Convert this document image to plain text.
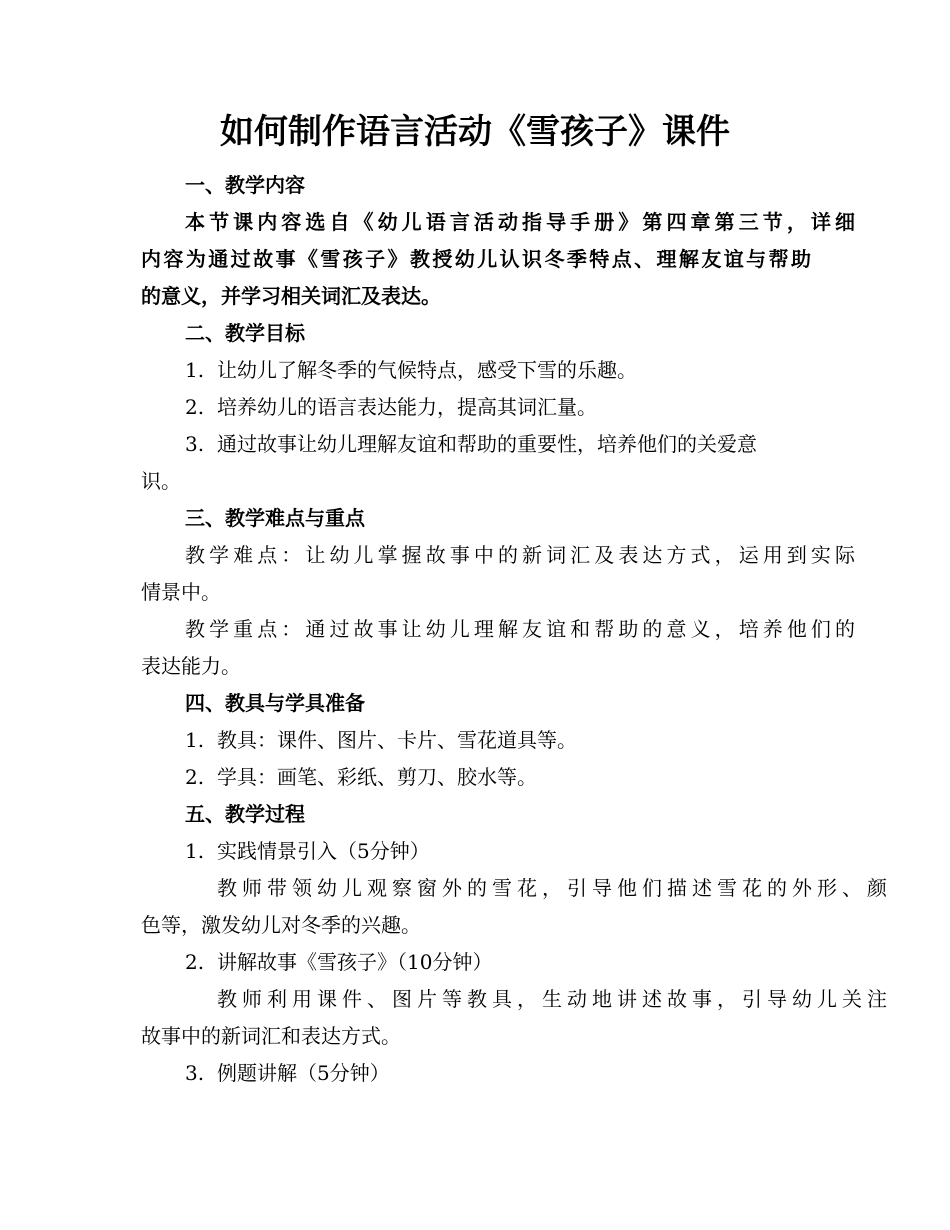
如何制作语言活动《雪孩子》课件
一、教学内容
本节课内容选自《幼儿语言活动指导手册》第四章第三节，详细
内容为通过故事《雪孩子》教授幼儿认识冬季特点、理解友谊与帮助
的意义，并学习相关词汇及表达。
二、教学目标
1. 让幼儿了解冬季的气候特点，感受下雪的乐趣。
2. 培养幼儿的语言表达能力，提高其词汇量。
3. 通过故事让幼儿理解友谊和帮助的重要性，培养他们的关爱意
识。
三、教学难点与重点
教学难点：让幼儿掌握故事中的新词汇及表达方式，运用到实际
情景中。
教学重点：通过故事让幼儿理解友谊和帮助的意义，培养他们的
表达能力。
四、教具与学具准备
1. 教具：课件、图片、卡片、雪花道具等。
2. 学具：画笔、彩纸、剪刀、胶水等。
五、教学过程
1. 实践情景引入（5分钟）
教师带领幼儿观察窗外的雪花，引导他们描述雪花的外形、颜
色等，激发幼儿对冬季的兴趣。
2. 讲解故事《雪孩子》（10分钟）
教师利用课件、图片等教具，生动地讲述故事，引导幼儿关注
故事中的新词汇和表达方式。
3. 例题讲解（5分钟）
